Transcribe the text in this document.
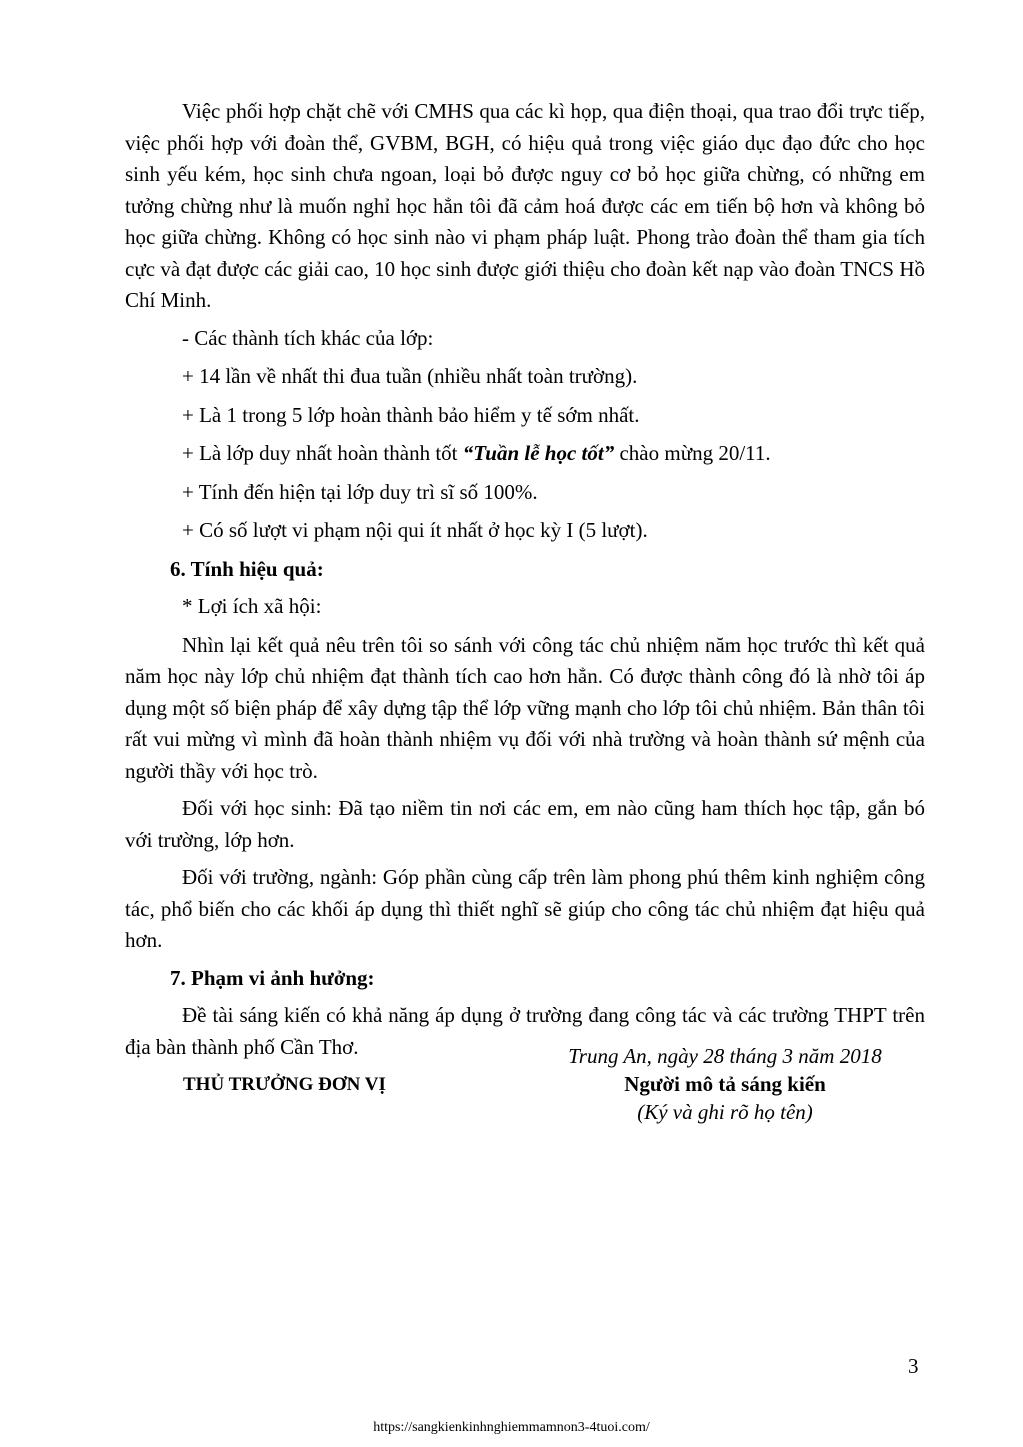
Việc phối hợp chặt chẽ với CMHS qua các kì họp, qua điện thoại, qua trao đổi trực tiếp, việc phối hợp với đoàn thể, GVBM, BGH, có hiệu quả trong việc giáo dục đạo đức cho học sinh yếu kém, học sinh chưa ngoan, loại bỏ được nguy cơ bỏ học giữa chừng, có những em tưởng chừng như là muốn nghỉ học hẳn tôi đã cảm hoá được các em tiến bộ hơn và không bỏ học giữa chừng. Không có học sinh nào vi phạm pháp luật. Phong trào đoàn thể tham gia tích cực và đạt được các giải cao, 10 học sinh được giới thiệu cho đoàn kết nạp vào đoàn TNCS Hồ Chí Minh.

- Các thành tích khác của lớp:

+ 14 lần về nhất thi đua tuần (nhiều nhất toàn trường).

+ Là 1 trong 5 lớp hoàn thành bảo hiểm y tế sớm nhất.

+ Là lớp duy nhất hoàn thành tốt “Tuần lễ học tốt” chào mừng 20/11.

+ Tính đến hiện tại lớp duy trì sĩ số 100%.

+ Có số lượt vi phạm nội qui ít nhất ở học kỳ I (5 lượt).

6. Tính hiệu quả:

* Lợi ích xã hội:

Nhìn lại kết quả nêu trên tôi so sánh với công tác chủ nhiệm năm học trước thì kết quả năm học này lớp chủ nhiệm đạt thành tích cao hơn hẳn. Có được thành công đó là nhờ tôi áp dụng một số biện pháp để xây dựng tập thể lớp vững mạnh cho lớp tôi chủ nhiệm. Bản thân tôi rất vui mừng vì mình đã hoàn thành nhiệm vụ đối với nhà trường và hoàn thành sứ mệnh của người thầy với học trò.

Đối với học sinh: Đã tạo niềm tin nơi các em, em nào cũng ham thích học tập, gắn bó với trường, lớp hơn.

Đối với trường, ngành: Góp phần cùng cấp trên làm phong phú thêm kinh nghiệm công tác, phổ biến cho các khối áp dụng thì thiết nghĩ sẽ giúp cho công tác chủ nhiệm đạt hiệu quả hơn.

7. Phạm vi ảnh hưởng:

Đề tài sáng kiến có khả năng áp dụng ở trường đang công tác và các trường THPT trên địa bàn thành phố Cần Thơ.

THỦ TRƯỞNG ĐƠN VỊ
Trung An, ngày 28 tháng 3 năm 2018
Người mô tả sáng kiến
(Ký và ghi rõ họ tên)
3
https://sangkienkinhnghiemmamnon3-4tuoi.com/
